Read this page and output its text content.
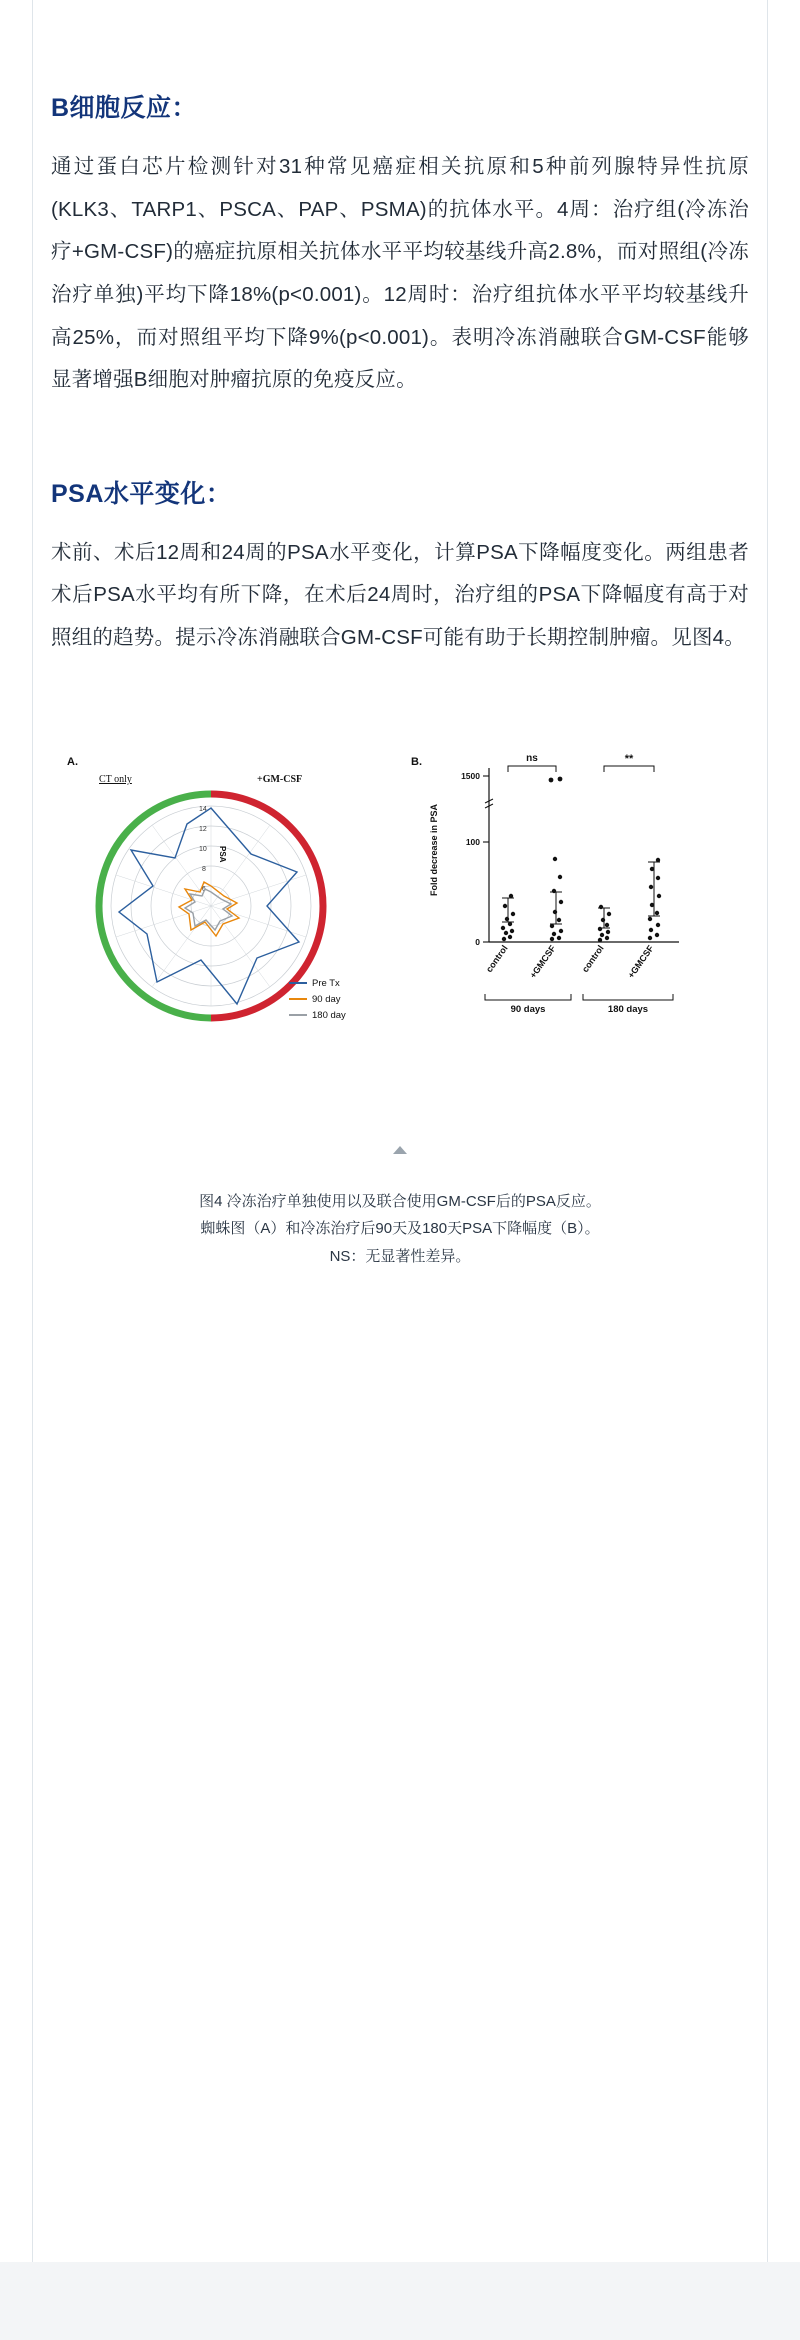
B细胞反应：

通过蛋白芯片检测针对31种常见癌症相关抗原和5种前列腺特异性抗原(KLK3、TARP1、PSCA、PAP、PSMA)的抗体水平。4周：治疗组(冷冻治疗+GM-CSF)的癌症抗原相关抗体水平平均较基线升高2.8%，而对照组(冷冻治疗单独)平均下降18%(p<0.001)。12周时：治疗组抗体水平平均较基线升高25%，而对照组平均下降9%(p<0.001)。表明冷冻消融联合GM-CSF能够显著增强B细胞对肿瘤抗原的免疫反应。

PSA水平变化：

术前、术后12周和24周的PSA水平变化，计算PSA下降幅度变化。两组患者术后PSA水平均有所下降，在术后24周时，治疗组的PSA下降幅度有高于对照组的趋势。提示冷冻消融联合GM-CSF可能有助于长期控制肿瘤。见图4。

A.
CT only	+GM-CSF
14
12
10
8
6
PSA
Pre Tx
90 day
180 day
B.
0
100
1500
Fold decrease in PSA
ns	**
control +GMCSF control +GMCSF
90 days	180 days
图4 冷冻治疗单独使用以及联合使用GM-CSF后的PSA反应。
蜘蛛图（A）和冷冻治疗后90天及180天PSA下降幅度（B）。
NS：无显著性差异。
